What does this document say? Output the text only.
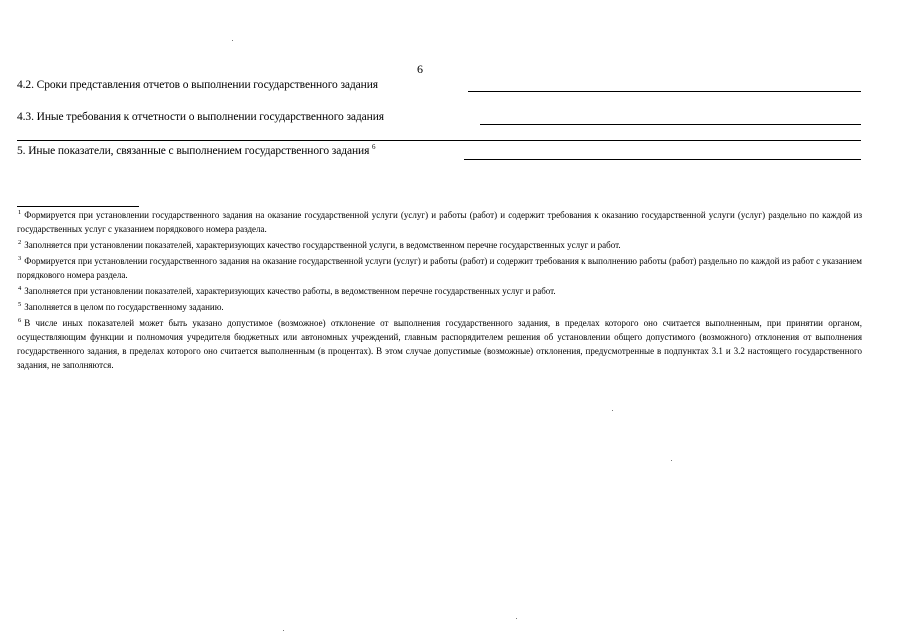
6
4.2. Сроки представления отчетов о выполнении государственного задания
4.3. Иные требования к отчетности о выполнении государственного задания
5. Иные показатели, связанные с выполнением государственного задания $^6$

$^1$ Формируется при установлении государственного задания на оказание государственной услуги (услуг) и работы (работ) и содержит требования к оказанию государственной услуги (услуг) раздельно по каждой из государственных услуг с указанием порядкового номера раздела.

$^2$ Заполняется при установлении показателей, характеризующих качество государственной услуги, в ведомственном перечне государственных услуг и работ.

$^3$ Формируется при установлении государственного задания на оказание государственной услуги (услуг) и работы (работ) и содержит требования к выполнению работы (работ) раздельно по каждой из работ с указанием порядкового номера раздела.

$^4$ Заполняется при установлении показателей, характеризующих качество работы, в ведомственном перечне государственных услуг и работ.

$^5$ Заполняется в целом по государственному заданию.

$^6$ В числе иных показателей может быть указано допустимое (возможное) отклонение от выполнения государственного задания, в пределах которого оно считается выполненным, при принятии органом, осуществляющим функции и полномочия учредителя бюджетных или автономных учреждений, главным распорядителем решения об установлении общего допустимого (возможного) отклонения от выполнения государственного задания, в пределах которого оно считается выполненным (в процентах). В этом случае допустимые (возможные) отклонения, предусмотренные в подпунктах 3.1 и 3.2 настоящего государственного задания, не заполняются.
